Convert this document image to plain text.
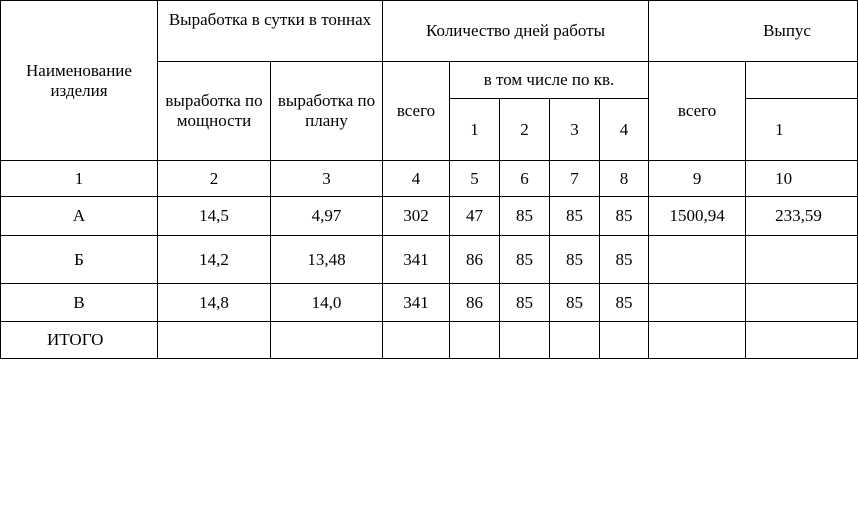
Наименование изделия	Выработка в сутки в тоннах		Количество дней работы					Выпус	
	выработка по мощности	выработка по плану	всего	в том числе по кв.				всего	
				1	2	3	4		1
1	2	3	4	5	6	7	8	9	10
А	14,5	4,97	302	47	85	85	85	1500,94	233,59
Б	14,2	13,48	341	86	85	85	85		
В	14,8	14,0	341	86	85	85	85		
ИТОГО									
